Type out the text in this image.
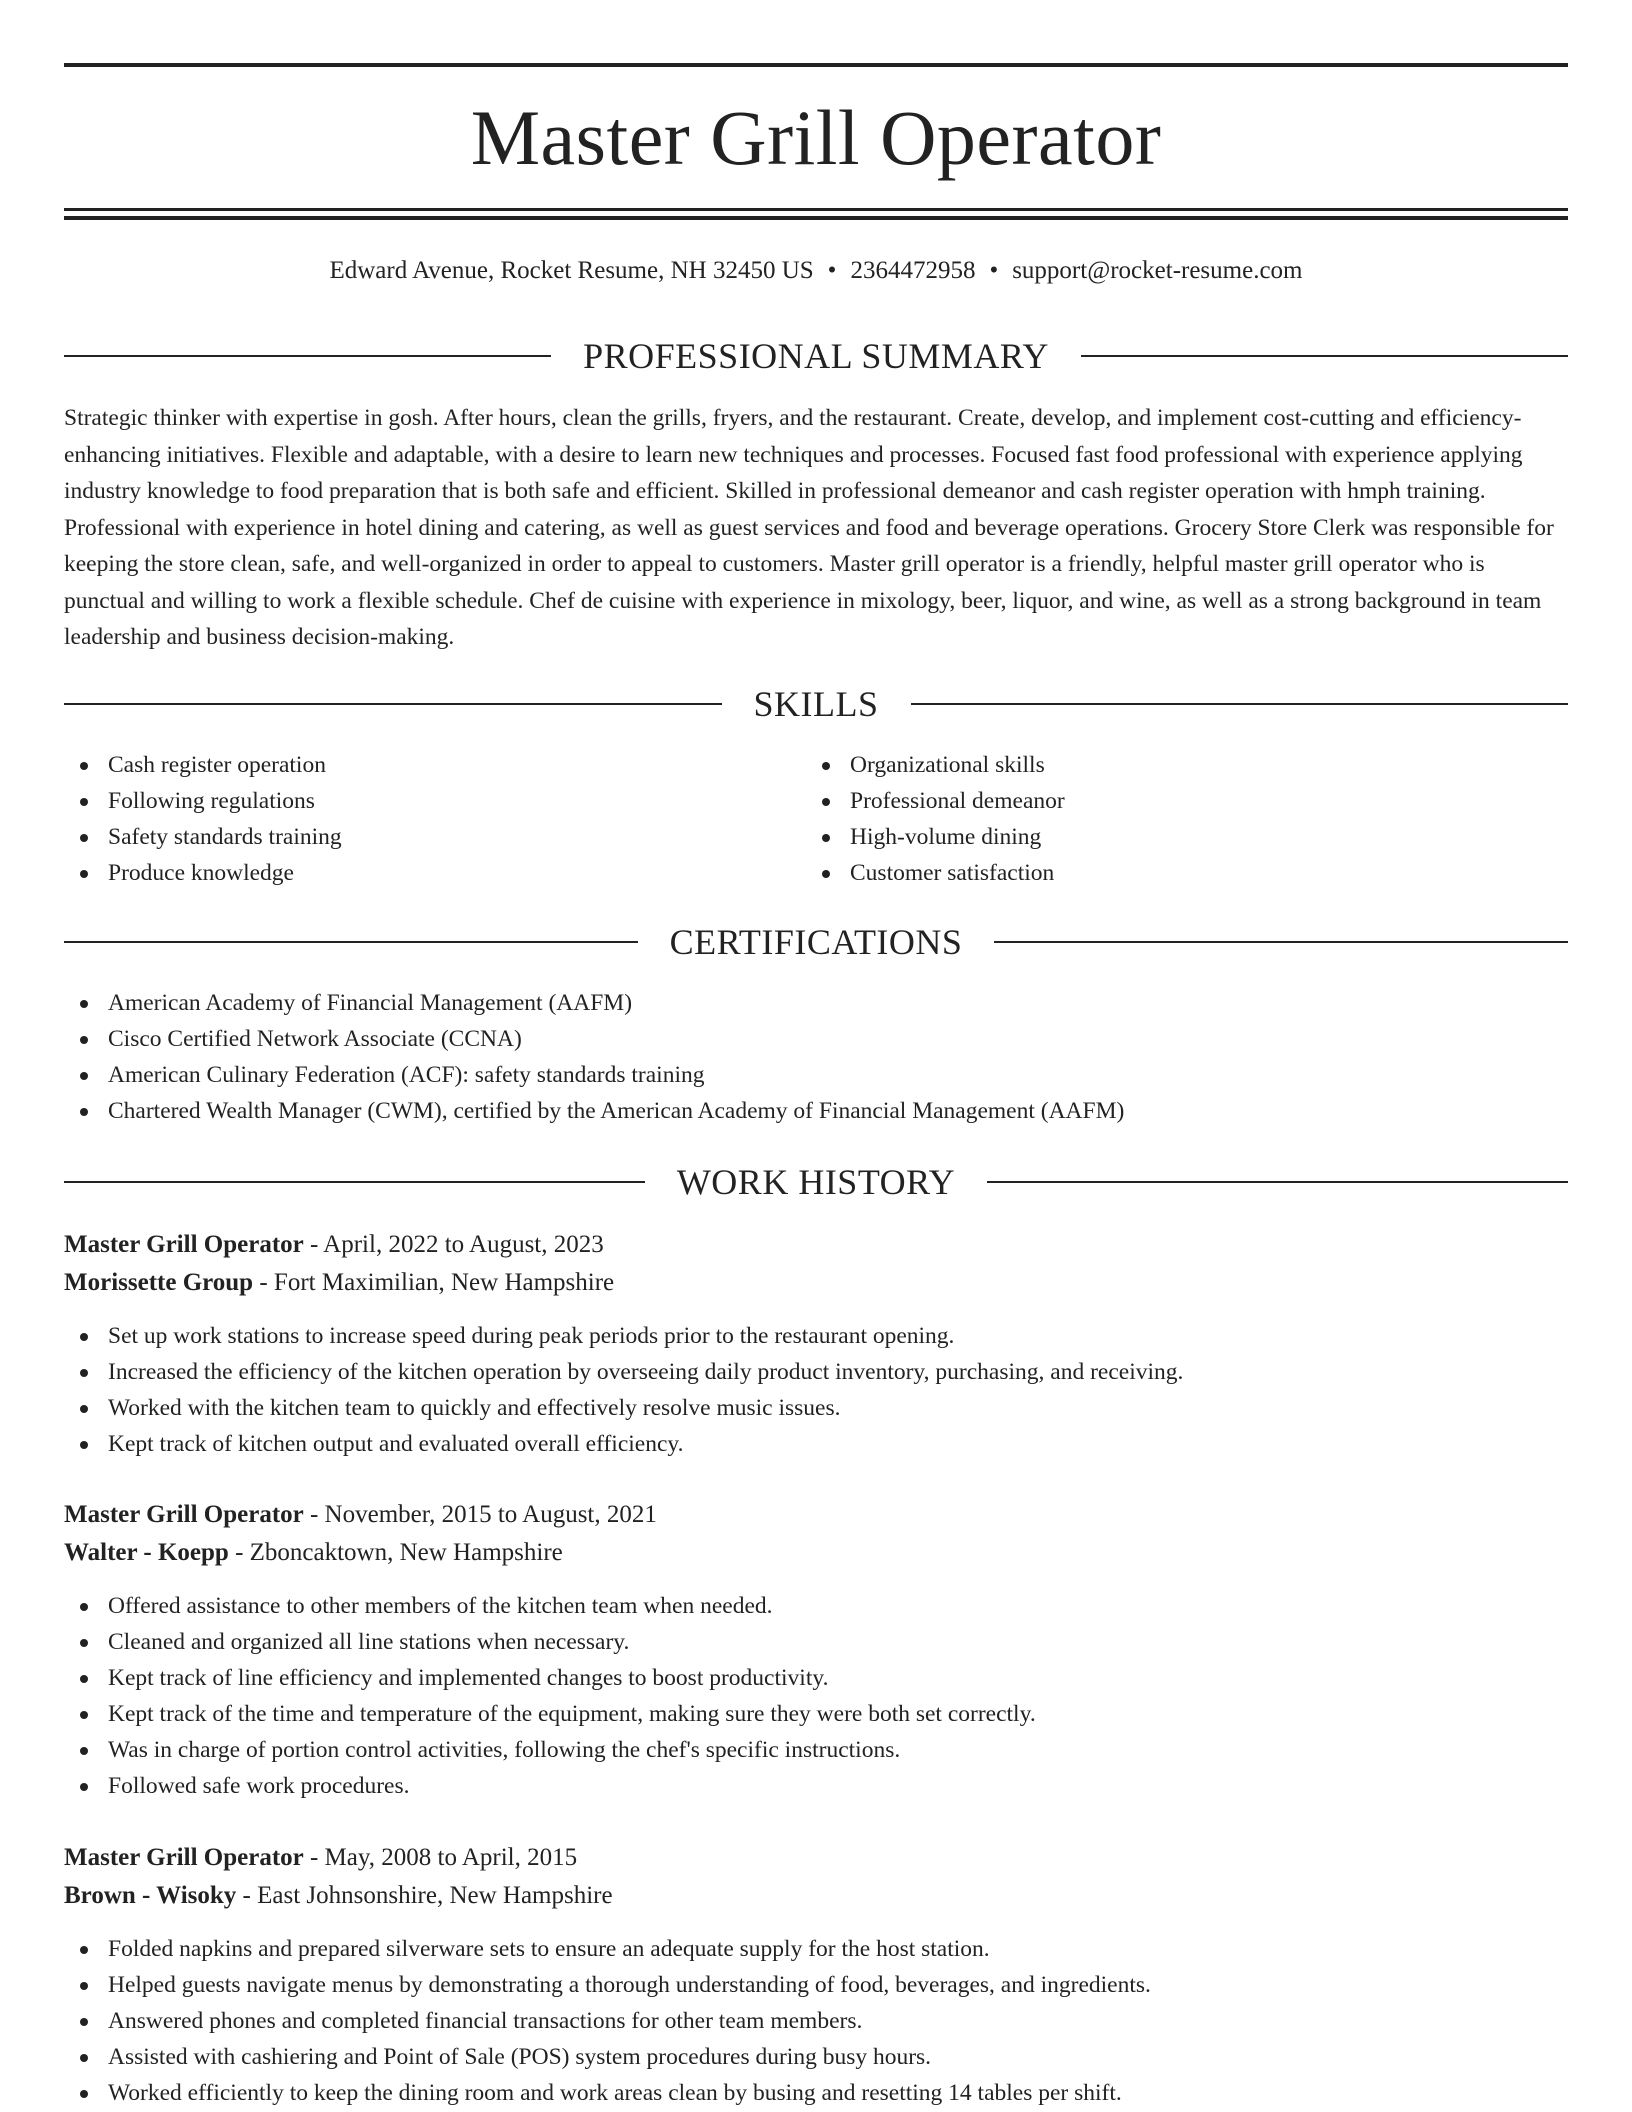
Master Grill Operator
Edward Avenue, Rocket Resume, NH 32450 US • 2364472958 • support@rocket-resume.com
PROFESSIONAL SUMMARY

Strategic thinker with expertise in gosh. After hours, clean the grills, fryers, and the restaurant. Create, develop, and implement cost-cutting and efficiency-enhancing initiatives. Flexible and adaptable, with a desire to learn new techniques and processes. Focused fast food professional with experience applying industry knowledge to food preparation that is both safe and efficient. Skilled in professional demeanor and cash register operation with hmph training. Professional with experience in hotel dining and catering, as well as guest services and food and beverage operations. Grocery Store Clerk was responsible for keeping the store clean, safe, and well-organized in order to appeal to customers. Master grill operator is a friendly, helpful master grill operator who is punctual and willing to work a flexible schedule. Chef de cuisine with experience in mixology, beer, liquor, and wine, as well as a strong background in team leadership and business decision-making.

SKILLS
Cash register operation
Following regulations
Safety standards training
Produce knowledge
Organizational skills
Professional demeanor
High-volume dining
Customer satisfaction
CERTIFICATIONS
American Academy of Financial Management (AAFM)
Cisco Certified Network Associate (CCNA)
American Culinary Federation (ACF): safety standards training
Chartered Wealth Manager (CWM), certified by the American Academy of Financial Management (AAFM)
WORK HISTORY
Master Grill Operator - April, 2022 to August, 2023
Morissette Group - Fort Maximilian, New Hampshire
Set up work stations to increase speed during peak periods prior to the restaurant opening.
Increased the efficiency of the kitchen operation by overseeing daily product inventory, purchasing, and receiving.
Worked with the kitchen team to quickly and effectively resolve music issues.
Kept track of kitchen output and evaluated overall efficiency.
Master Grill Operator - November, 2015 to August, 2021
Walter - Koepp - Zboncaktown, New Hampshire
Offered assistance to other members of the kitchen team when needed.
Cleaned and organized all line stations when necessary.
Kept track of line efficiency and implemented changes to boost productivity.
Kept track of the time and temperature of the equipment, making sure they were both set correctly.
Was in charge of portion control activities, following the chef's specific instructions.
Followed safe work procedures.
Master Grill Operator - May, 2008 to April, 2015
Brown - Wisoky - East Johnsonshire, New Hampshire
Folded napkins and prepared silverware sets to ensure an adequate supply for the host station.
Helped guests navigate menus by demonstrating a thorough understanding of food, beverages, and ingredients.
Answered phones and completed financial transactions for other team members.
Assisted with cashiering and Point of Sale (POS) system procedures during busy hours.
Worked efficiently to keep the dining room and work areas clean by busing and resetting 14 tables per shift.
